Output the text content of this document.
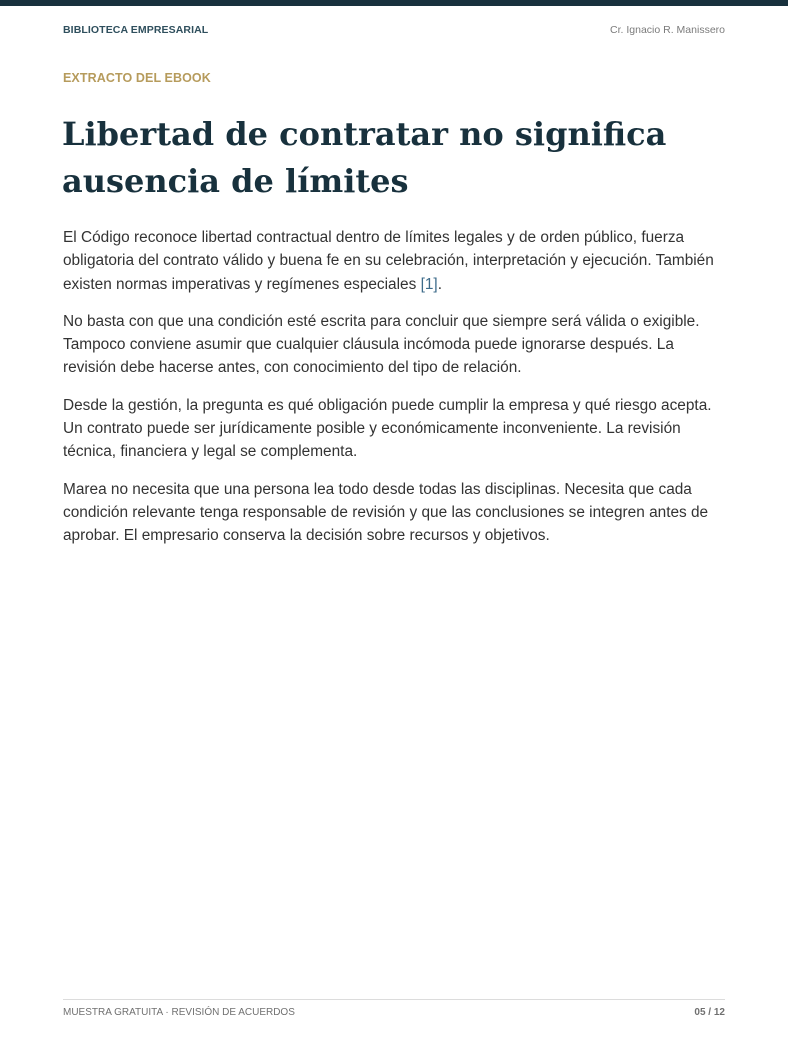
BIBLIOTECA EMPRESARIAL	Cr. Ignacio R. Manissero
EXTRACTO DEL EBOOK
Libertad de contratar no significa ausencia de límites

El Código reconoce libertad contractual dentro de límites legales y de orden público, fuerza obligatoria del contrato válido y buena fe en su celebración, interpretación y ejecución. También existen normas imperativas y regímenes especiales [1].

No basta con que una condición esté escrita para concluir que siempre será válida o exigible. Tampoco conviene asumir que cualquier cláusula incómoda puede ignorarse después. La revisión debe hacerse antes, con conocimiento del tipo de relación.

Desde la gestión, la pregunta es qué obligación puede cumplir la empresa y qué riesgo acepta. Un contrato puede ser jurídicamente posible y económicamente inconveniente. La revisión técnica, financiera y legal se complementa.

Marea no necesita que una persona lea todo desde todas las disciplinas. Necesita que cada condición relevante tenga responsable de revisión y que las conclusiones se integren antes de aprobar. El empresario conserva la decisión sobre recursos y objetivos.

MUESTRA GRATUITA · REVISIÓN DE ACUERDOS	05 / 12
